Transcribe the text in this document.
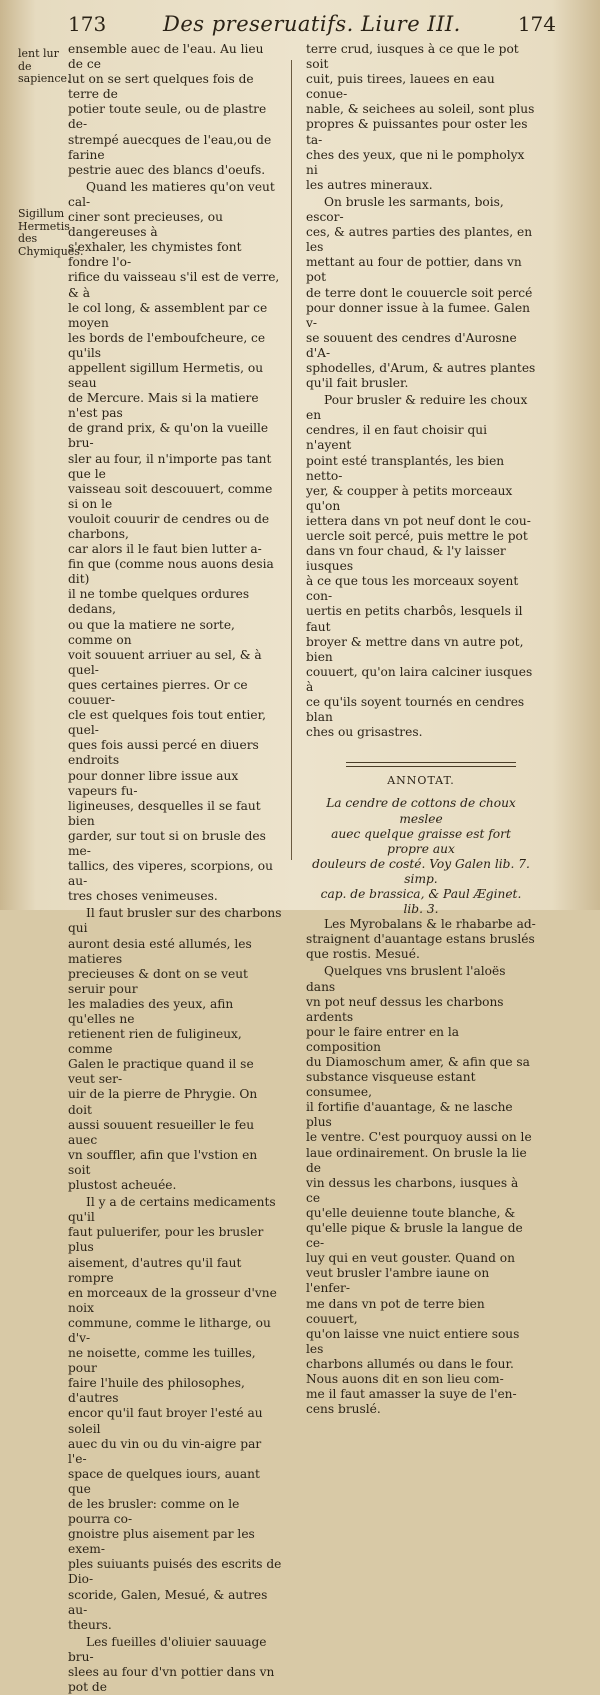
173	Des preseruatifs. Liure III.	174
lent lur de sapience.
Sigillum Hermetis des Chymiques.

ensemble auec de l'eau. Au lieu de ce
lut on se sert quelques fois de terre de
potier toute seule, ou de plastre de-
strempé auecques de l'eau,ou de farine
pestrie auec des blancs d'oeufs.

Quand les matieres qu'on veut cal-
ciner sont precieuses, ou dangereuses à
s'exhaler, les chymistes font fondre l'o-
rifice du vaisseau s'il est de verre, & à
le col long, & assemblent par ce moyen
les bords de l'emboufcheure, ce qu'ils
appellent sigillum Hermetis, ou seau
de Mercure. Mais si la matiere n'est pas
de grand prix, & qu'on la vueille bru-
sler au four, il n'importe pas tant que le
vaisseau soit descouuert, comme si on le
vouloit couurir de cendres ou de charbons,
car alors il le faut bien lutter a-
fin que (comme nous auons desia dit)
il ne tombe quelques ordures dedans,
ou que la matiere ne sorte, comme on
voit souuent arriuer au sel, & à quel-
ques certaines pierres. Or ce couuer-
cle est quelques fois tout entier, quel-
ques fois aussi percé en diuers endroits
pour donner libre issue aux vapeurs fu-
ligineuses, desquelles il se faut bien
garder, sur tout si on brusle des me-
tallics, des viperes, scorpions, ou au-
tres choses venimeuses.

Il faut brusler sur des charbons qui
auront desia esté allumés, les matieres
precieuses & dont on se veut seruir pour
les maladies des yeux, afin qu'elles ne
retienent rien de fuligineux, comme
Galen le practique quand il se veut ser-
uir de la pierre de Phrygie. On doit
aussi souuent resueiller le feu auec
vn souffler, afin que l'vstion en soit
plustost acheuée.

Il y a de certains medicaments qu'il
faut puluerifer, pour les brusler plus
aisement, d'autres qu'il faut rompre
en morceaux de la grosseur d'vne noix
commune, comme le litharge, ou d'v-
ne noisette, comme les tuilles, pour
faire l'huile des philosophes, d'autres
encor qu'il faut broyer l'esté au soleil
auec du vin ou du vin-aigre par l'e-
space de quelques iours, auant que
de les brusler: comme on le pourra co-
gnoistre plus aisement par les exem-
ples suiuants puisés des escrits de Dio-
scoride, Galen, Mesué, & autres au-
theurs.

Les fueilles d'oliuier sauuage bru-
slees au four d'vn pottier dans vn pot de

terre crud, iusques à ce que le pot soit
cuit, puis tirees, lauees en eau conue-
nable, & seichees au soleil, sont plus
propres & puissantes pour oster les ta-
ches des yeux, que ni le pompholyx ni
les autres mineraux.

On brusle les sarmants, bois, escor-
ces, & autres parties des plantes, en les
mettant au four de pottier, dans vn pot
de terre dont le couuercle soit percé
pour donner issue à la fumee. Galen v-
se souuent des cendres d'Aurosne d'A-
sphodelles, d'Arum, & autres plantes
qu'il fait brusler.

Pour brusler & reduire les choux en
cendres, il en faut choisir qui n'ayent
point esté transplantés, les bien netto-
yer, & coupper à petits morceaux qu'on
iettera dans vn pot neuf dont le cou-
uercle soit percé, puis mettre le pot
dans vn four chaud, & l'y laisser iusques
à ce que tous les morceaux soyent con-
uertis en petits charbôs, lesquels il faut
broyer & mettre dans vn autre pot, bien
couuert, qu'on laira calciner iusques à
ce qu'ils soyent tournés en cendres blan
ches ou grisastres.

ANNOTAT.

La cendre de cottons de choux meslee
auec quelque graisse est fort propre aux
douleurs de costé. Voy Galen lib. 7. simp.
cap. de brassica, & Paul Æginet. lib. 3.

Les Myrobalans & le rhabarbe ad-
straignent d'auantage estans bruslés
que rostis. Mesué.

Quelques vns bruslent l'aloës dans
vn pot neuf dessus les charbons ardents
pour le faire entrer en la composition
du Diamoschum amer, & afin que sa
substance visqueuse estant consumee,
il fortifie d'auantage, & ne lasche plus
le ventre. C'est pourquoy aussi on le
laue ordinairement. On brusle la lie de
vin dessus les charbons, iusques à ce
qu'elle deuienne toute blanche, &
qu'elle pique & brusle la langue de ce-
luy qui en veut gouster. Quand on
veut brusler l'ambre iaune on l'enfer-
me dans vn pot de terre bien couuert,
qu'on laisse vne nuict entiere sous les
charbons allumés ou dans le four.
Nous auons dit en son lieu com-
me il faut amasser la suye de l'en-
cens bruslé.
